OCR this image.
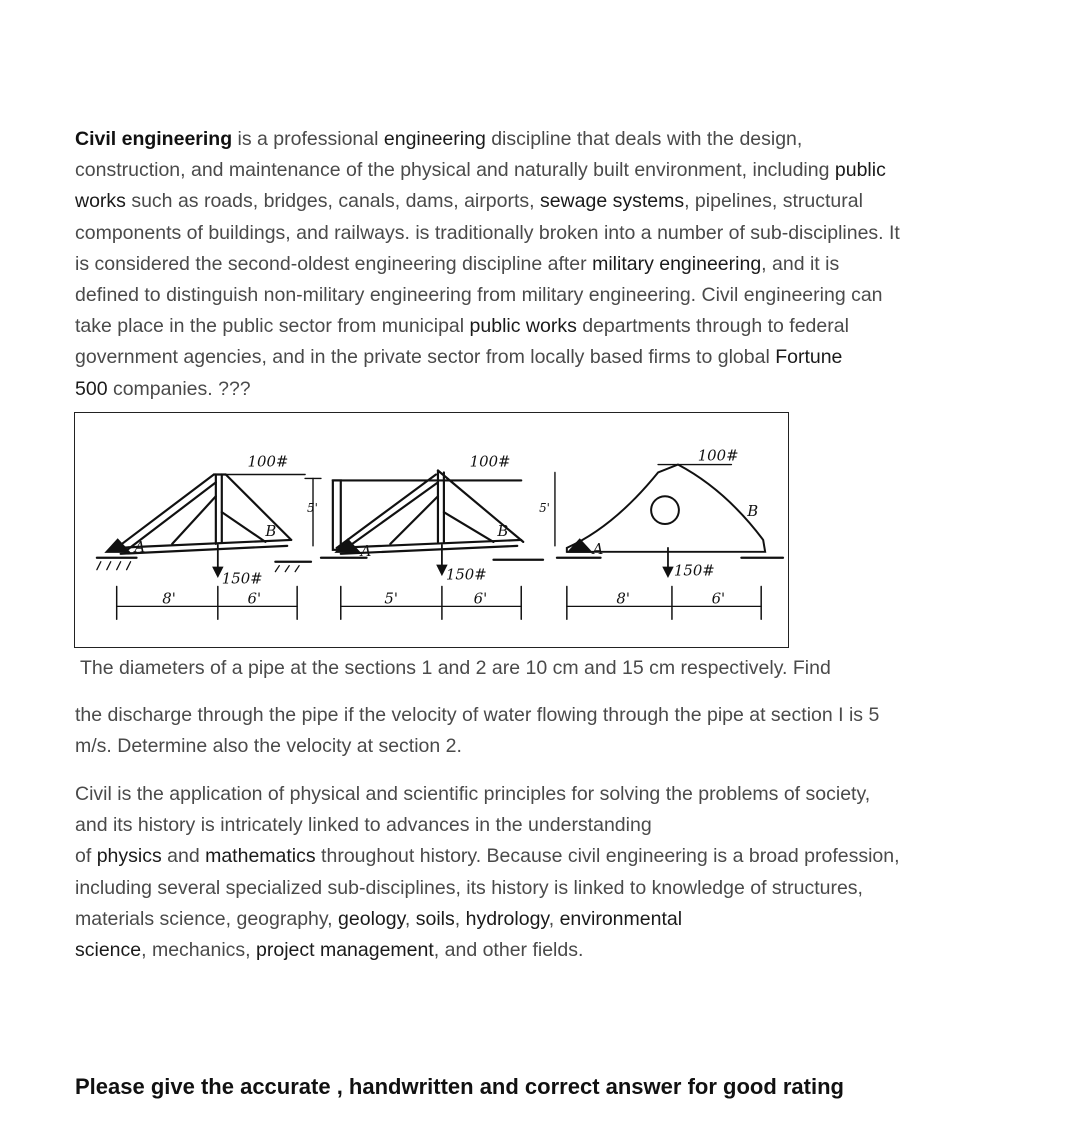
Civil engineering is a professional engineering discipline that deals with the design,
construction, and maintenance of the physical and naturally built environment, including public
works such as roads, bridges, canals, dams, airports, sewage systems, pipelines, structural
components of buildings, and railways. is traditionally broken into a number of sub-disciplines. It
is considered the second-oldest engineering discipline after military engineering, and it is
defined to distinguish non-military engineering from military engineering. Civil engineering can
take place in the public sector from municipal public works departments through to federal
government agencies, and in the private sector from locally based firms to global Fortune
500 companies. ???
100#	100#	100#
150#	150#	150#
A	A	A
B	B
B
8'	6'	5'	6'	8'	6'
5'	5'
The diameters of a pipe at the sections 1 and 2 are 10 cm and 15 cm respectively. Find
the discharge through the pipe if the velocity of water flowing through the pipe at section I is 5
m/s. Determine also the velocity at section 2.
Civil is the application of physical and scientific principles for solving the problems of society,
and its history is intricately linked to advances in the understanding
of physics and mathematics throughout history. Because civil engineering is a broad profession,
including several specialized sub-disciplines, its history is linked to knowledge of structures,
materials science, geography, geology, soils, hydrology, environmental
science, mechanics, project management, and other fields.
Please give the accurate , handwritten and correct answer for good rating
